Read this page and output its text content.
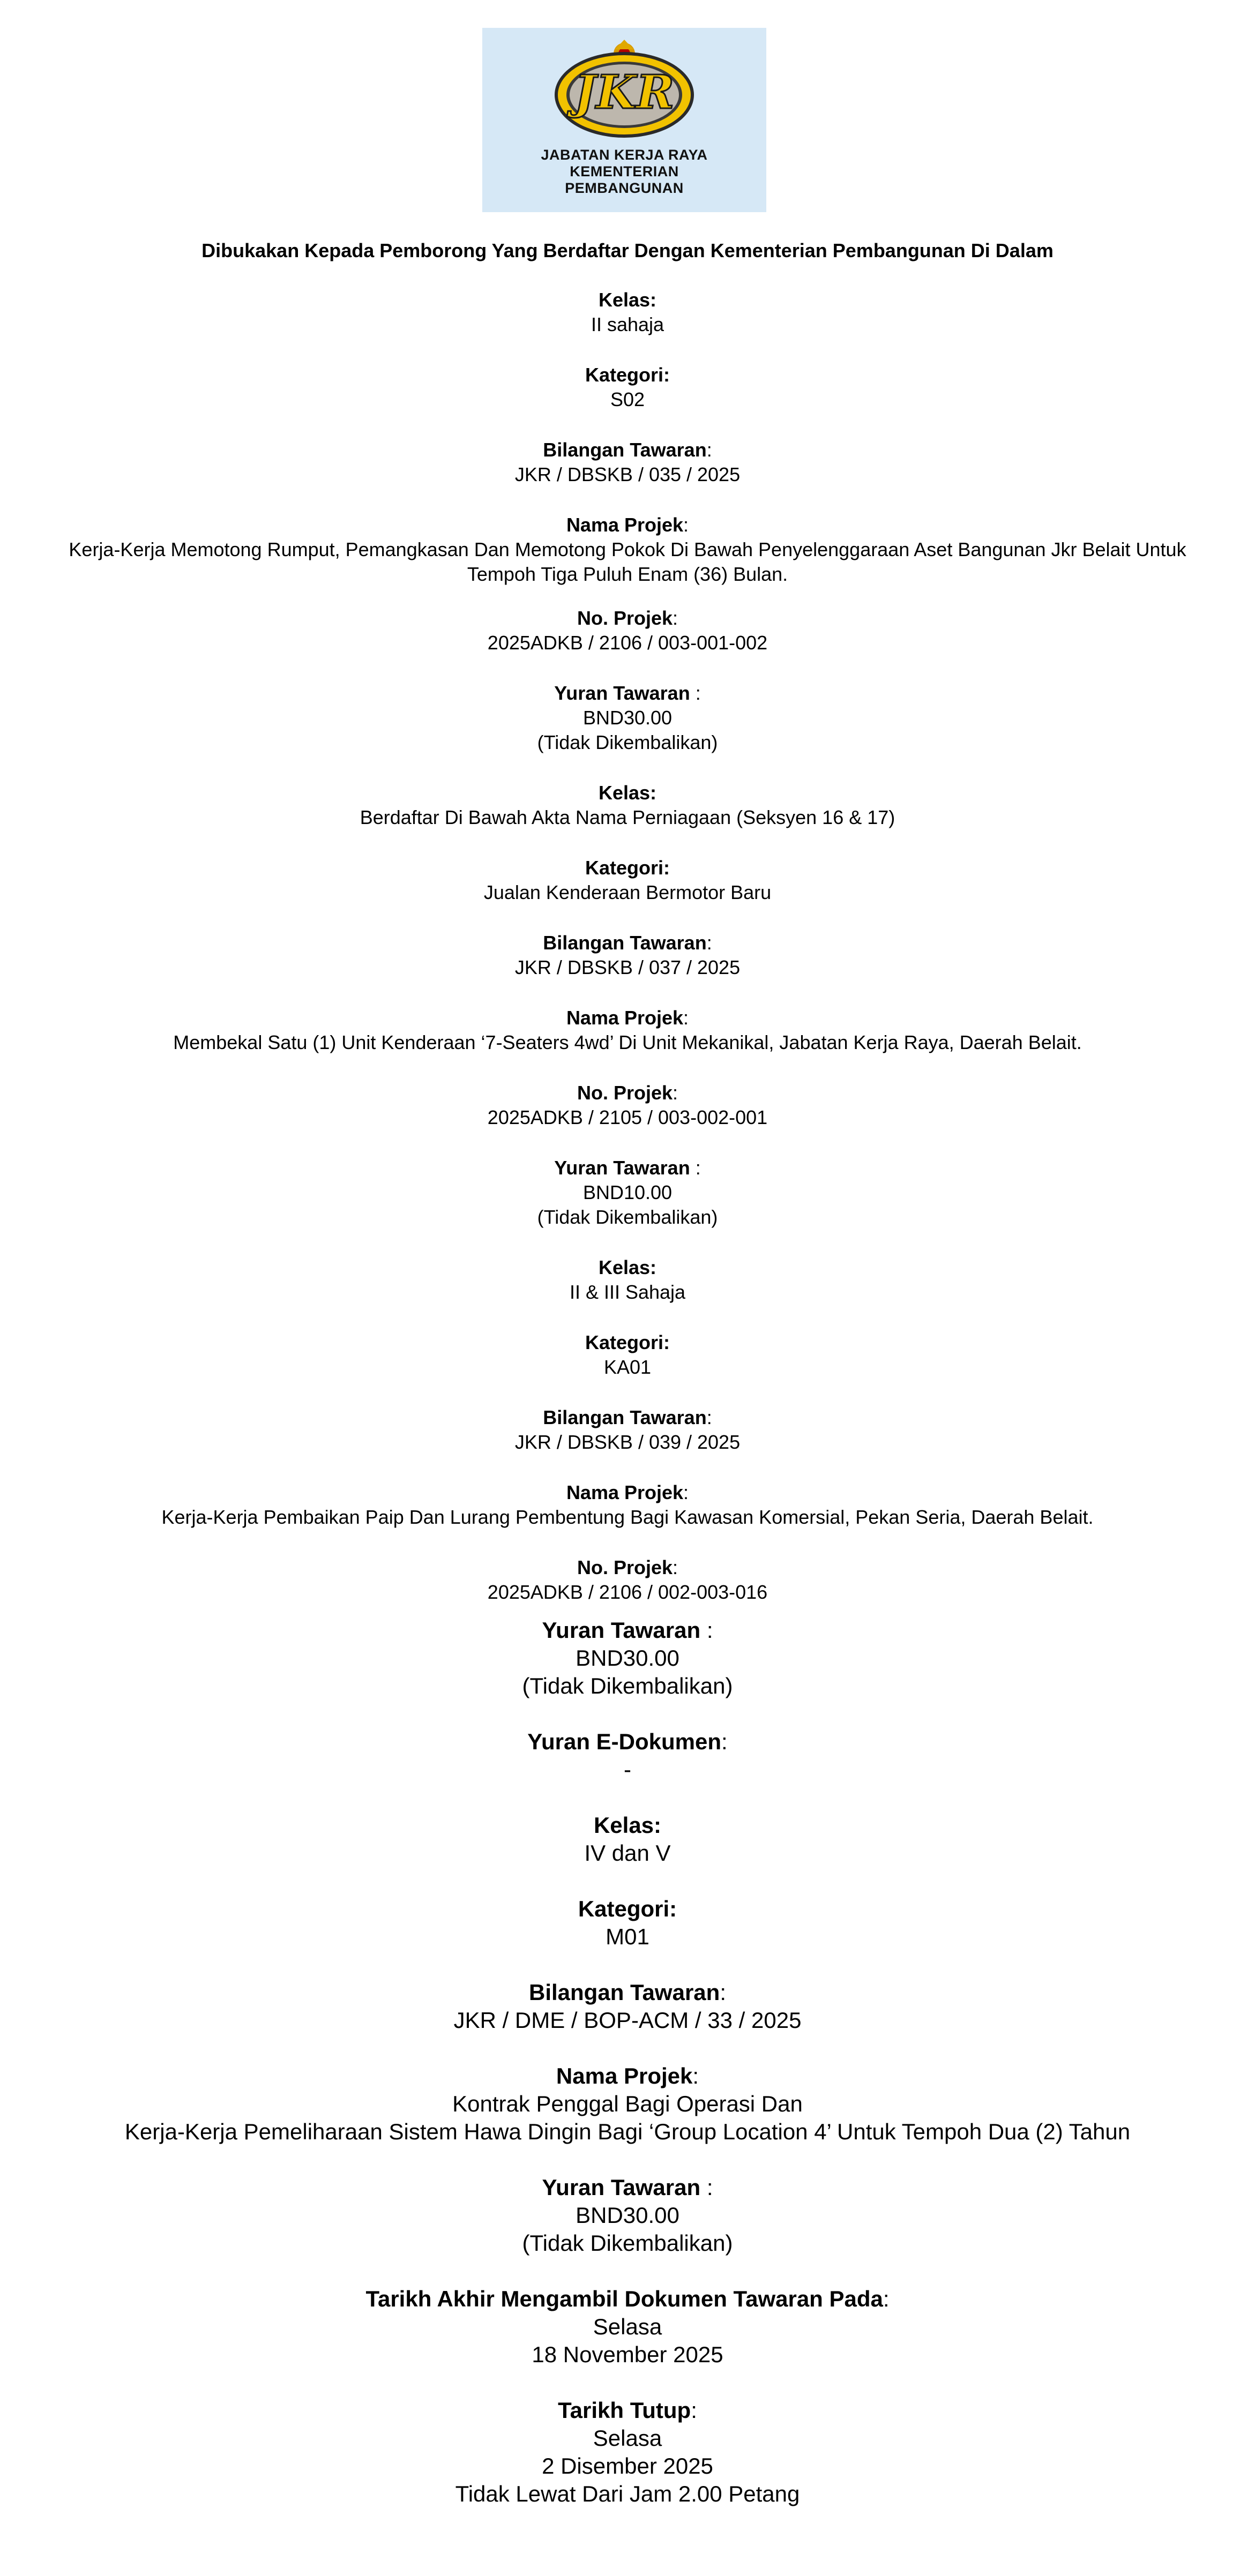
JKR
JABATAN KERJA RAYA
KEMENTERIAN
PEMBANGUNAN
Dibukakan Kepada Pemborong Yang Berdaftar Dengan Kementerian Pembangunan Di Dalam
Kelas:
II sahaja
Kategori:
S02
Bilangan Tawaran:
JKR / DBSKB / 035 / 2025
Nama Projek:
Kerja-Kerja Memotong Rumput, Pemangkasan Dan Memotong Pokok Di Bawah Penyelenggaraan Aset Bangunan Jkr Belait Untuk
Tempoh Tiga Puluh Enam (36) Bulan.
No. Projek:
2025ADKB / 2106 / 003-001-002
Yuran Tawaran :
BND30.00
(Tidak Dikembalikan)
Kelas:
Berdaftar Di Bawah Akta Nama Perniagaan (Seksyen 16 & 17)
Kategori:
Jualan Kenderaan Bermotor Baru
Bilangan Tawaran:
JKR / DBSKB / 037 / 2025
Nama Projek:
Membekal Satu (1) Unit Kenderaan ‘7-Seaters 4wd’ Di Unit Mekanikal, Jabatan Kerja Raya, Daerah Belait.
No. Projek:
2025ADKB / 2105 / 003-002-001
Yuran Tawaran :
BND10.00
(Tidak Dikembalikan)
Kelas:
II & III Sahaja
Kategori:
KA01
Bilangan Tawaran:
JKR / DBSKB / 039 / 2025
Nama Projek:
Kerja-Kerja Pembaikan Paip Dan Lurang Pembentung Bagi Kawasan Komersial, Pekan Seria, Daerah Belait.
No. Projek:
2025ADKB / 2106 / 002-003-016
Yuran Tawaran :
BND30.00
(Tidak Dikembalikan)
Yuran E-Dokumen:
-
Kelas:
IV dan V
Kategori:
M01
Bilangan Tawaran:
JKR / DME / BOP-ACM / 33 / 2025
Nama Projek:
Kontrak Penggal Bagi Operasi Dan
Kerja-Kerja Pemeliharaan Sistem Hawa Dingin Bagi ‘Group Location 4’ Untuk Tempoh Dua (2) Tahun
Yuran Tawaran :
BND30.00
(Tidak Dikembalikan)
Tarikh Akhir Mengambil Dokumen Tawaran Pada:
Selasa
18 November 2025
Tarikh Tutup:
Selasa
2 Disember 2025
Tidak Lewat Dari Jam 2.00 Petang
